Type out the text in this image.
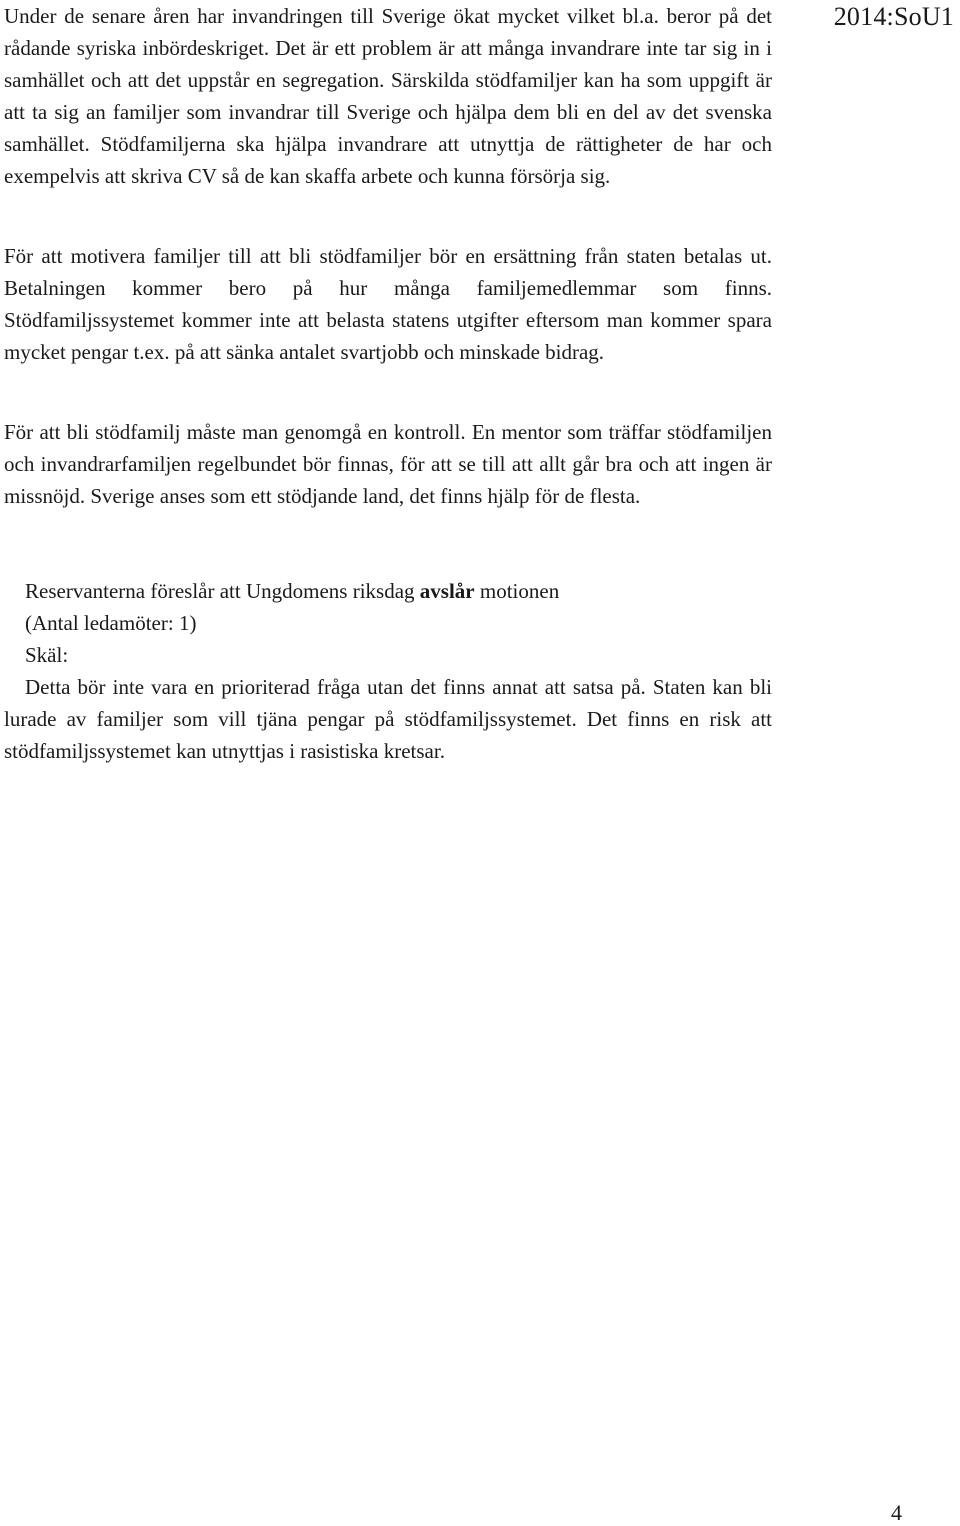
2014:SoU1

Under de senare åren har invandringen till Sverige ökat mycket vilket bl.a. beror på det rådande syriska inbördeskriget. Det är ett problem är att många invandrare inte tar sig in i samhället och att det uppstår en segregation. Särskilda stödfamiljer kan ha som uppgift är att ta sig an familjer som invandrar till Sverige och hjälpa dem bli en del av det svenska samhället. Stödfamiljerna ska hjälpa invandrare att utnyttja de rättigheter de har och exempelvis att skriva CV så de kan skaffa arbete och kunna försörja sig.

För att motivera familjer till att bli stödfamiljer bör en ersättning från staten betalas ut. Betalningen kommer bero på hur många familjemedlemmar som finns. Stödfamiljssystemet kommer inte att belasta statens utgifter eftersom man kommer spara mycket pengar t.ex. på att sänka antalet svartjobb och minskade bidrag.

För att bli stödfamilj måste man genomgå en kontroll. En mentor som träffar stödfamiljen och invandrarfamiljen regelbundet bör finnas, för att se till att allt går bra och att ingen är missnöjd. Sverige anses som ett stödjande land, det finns hjälp för de flesta.

Reservanterna föreslår att Ungdomens riksdag avslår motionen
(Antal ledamöter: 1)
Skäl:
Detta bör inte vara en prioriterad fråga utan det finns annat att satsa på. Staten kan bli lurade av familjer som vill tjäna pengar på stödfamiljssystemet. Det finns en risk att stödfamiljssystemet kan utnyttjas i rasistiska kretsar.
4
